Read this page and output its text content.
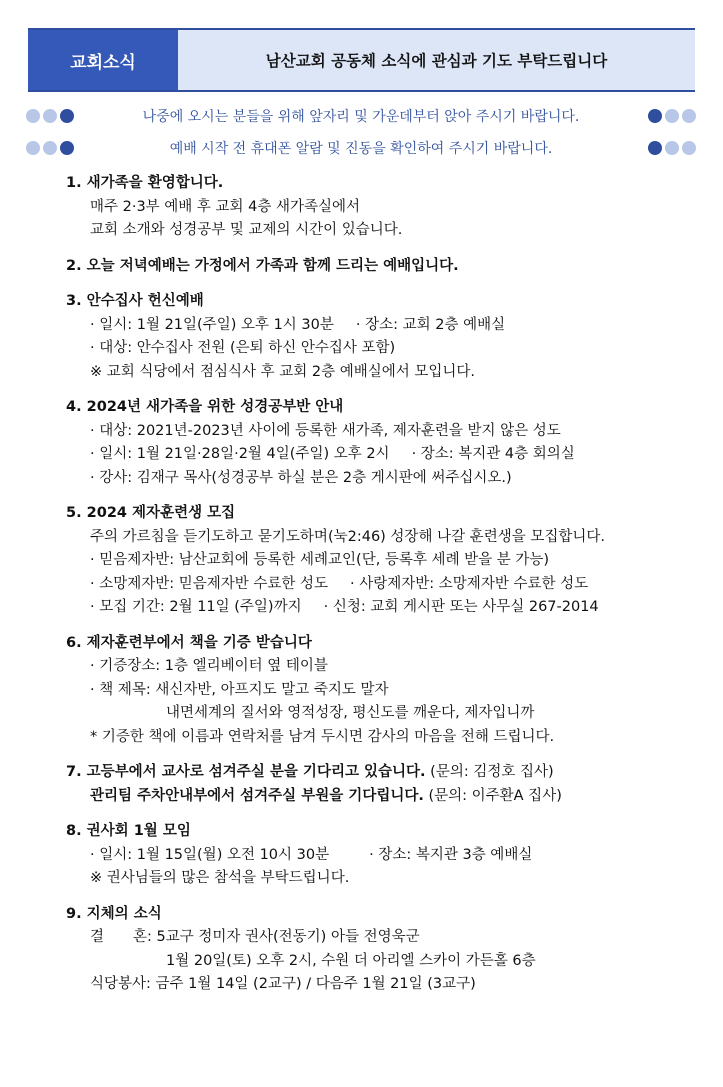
교회소식	남산교회 공동체 소식에 관심과 기도 부탁드립니다
나중에 오시는 분들을 위해 앞자리 및 가운데부터 앉아 주시기 바랍니다.
예배 시작 전 휴대폰 알람 및 진동을 확인하여 주시기 바랍니다.
1. 새가족을 환영합니다.
매주 2·3부 예배 후 교회 4층 새가족실에서
교회 소개와 성경공부 및 교제의 시간이 있습니다.
2. 오늘 저녁예배는 가정에서 가족과 함께 드리는 예배입니다.
3. 안수집사 헌신예배
· 일시: 1월 21일(주일) 오후 1시 30분 · 장소: 교회 2층 예배실
· 대상: 안수집사 전원 (은퇴 하신 안수집사 포함)
※ 교회 식당에서 점심식사 후 교회 2층 예배실에서 모입니다.
4. 2024년 새가족을 위한 성경공부반 안내
· 대상: 2021년-2023년 사이에 등록한 새가족, 제자훈련을 받지 않은 성도
· 일시: 1월 21일·28일·2월 4일(주일) 오후 2시 · 장소: 복지관 4층 회의실
· 강사: 김재구 목사(성경공부 하실 분은 2층 게시판에 써주십시오.)
5. 2024 제자훈련생 모집
주의 가르침을 듣기도하고 묻기도하며(눅2:46) 성장해 나갈 훈련생을 모집합니다.
· 믿음제자반: 남산교회에 등록한 세례교인(단, 등록후 세례 받을 분 가능)
· 소망제자반: 믿음제자반 수료한 성도 · 사랑제자반: 소망제자반 수료한 성도
· 모집 기간: 2월 11일 (주일)까지 · 신청: 교회 게시판 또는 사무실 267-2014
6. 제자훈련부에서 책을 기증 받습니다
· 기증장소: 1층 엘리베이터 옆 테이블
· 책 제목: 새신자반, 아프지도 말고 죽지도 말자
내면세계의 질서와 영적성장, 평신도를 깨운다, 제자입니까
* 기증한 책에 이름과 연락처를 남겨 두시면 감사의 마음을 전해 드립니다.
7. 고등부에서 교사로 섬겨주실 분을 기다리고 있습니다. (문의: 김정호 집사)
관리팀 주차안내부에서 섬겨주실 부원을 기다립니다. (문의: 이주환A 집사)
8. 권사회 1월 모임
· 일시: 1월 15일(월) 오전 10시 30분	· 장소: 복지관 3층 예배실
※ 권사님들의 많은 참석을 부탁드립니다.
9. 지체의 소식
결　　혼: 5교구 정미자 권사(전동기) 아들 전영욱군
1월 20일(토) 오후 2시, 수원 더 아리엘 스카이 가든홀 6층
식당봉사: 금주 1월 14일 (2교구) / 다음주 1월 21일 (3교구)
